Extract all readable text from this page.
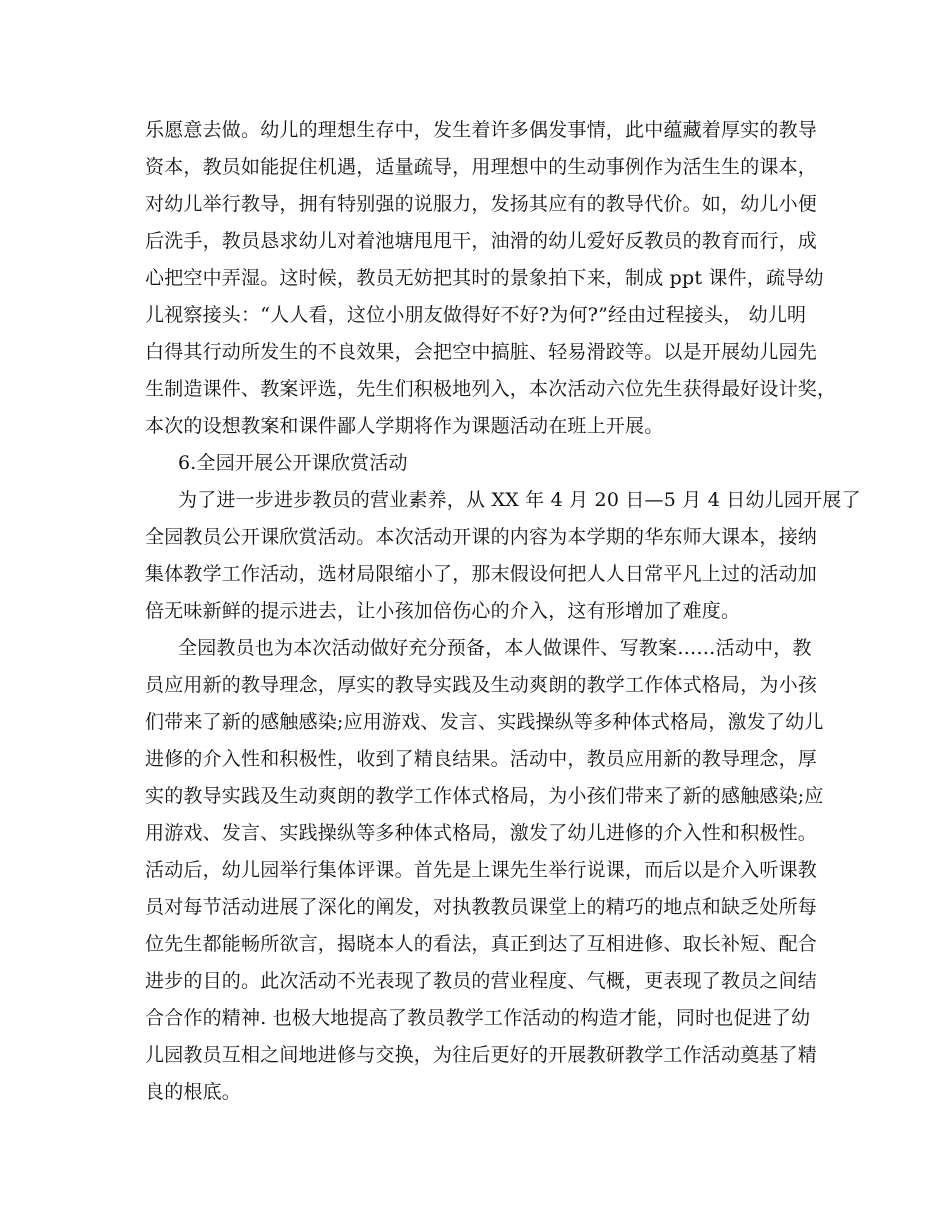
乐愿意去做。幼儿的理想生存中，发生着许多偶发事情，此中蕴藏着厚实的教导
资本，教员如能捉住机遇，适量疏导，用理想中的生动事例作为活生生的课本，
对幼儿举行教导，拥有特别强的说服力，发扬其应有的教导代价。如，幼儿小便
后洗手，教员恳求幼儿对着池塘甩甩干，油滑的幼儿爱好反教员的教育而行，成
心把空中弄湿。这时候，教员无妨把其时的景象拍下来，制成 ppt 课件，疏导幼
儿视察接头：“人人看，这位小朋友做得好不好?为何?”经由过程接头， 幼儿明
白得其行动所发生的不良效果，会把空中搞脏、轻易滑跤等。以是开展幼儿园先
生制造课件、教案评选，先生们积极地列入，本次活动六位先生获得最好设计奖，
本次的设想教案和课件鄙人学期将作为课题活动在班上开展。
6.全园开展公开课欣赏活动
为了进一步进步教员的营业素养，从 XX 年 4 月 20 日—5 月 4 日幼儿园开展了
全园教员公开课欣赏活动。本次活动开课的内容为本学期的华东师大课本，接纳
集体教学工作活动，选材局限缩小了，那末假设何把人人日常平凡上过的活动加
倍无味新鲜的提示进去，让小孩加倍伤心的介入，这有形增加了难度。
全园教员也为本次活动做好充分预备，本人做课件、写教案……活动中，教
员应用新的教导理念，厚实的教导实践及生动爽朗的教学工作体式格局，为小孩
们带来了新的感触感染;应用游戏、发言、实践操纵等多种体式格局，激发了幼儿
进修的介入性和积极性，收到了精良结果。活动中，教员应用新的教导理念，厚
实的教导实践及生动爽朗的教学工作体式格局，为小孩们带来了新的感触感染;应
用游戏、发言、实践操纵等多种体式格局，激发了幼儿进修的介入性和积极性。
活动后，幼儿园举行集体评课。首先是上课先生举行说课，而后以是介入听课教
员对每节活动进展了深化的阐发，对执教教员课堂上的精巧的地点和缺乏处所每
位先生都能畅所欲言，揭晓本人的看法，真正到达了互相进修、取长补短、配合
进步的目的。此次活动不光表现了教员的营业程度、气概，更表现了教员之间结
合合作的精神. 也极大地提高了教员教学工作活动的构造才能，同时也促进了幼
儿园教员互相之间地进修与交换，为往后更好的开展教研教学工作活动奠基了精
良的根底。
